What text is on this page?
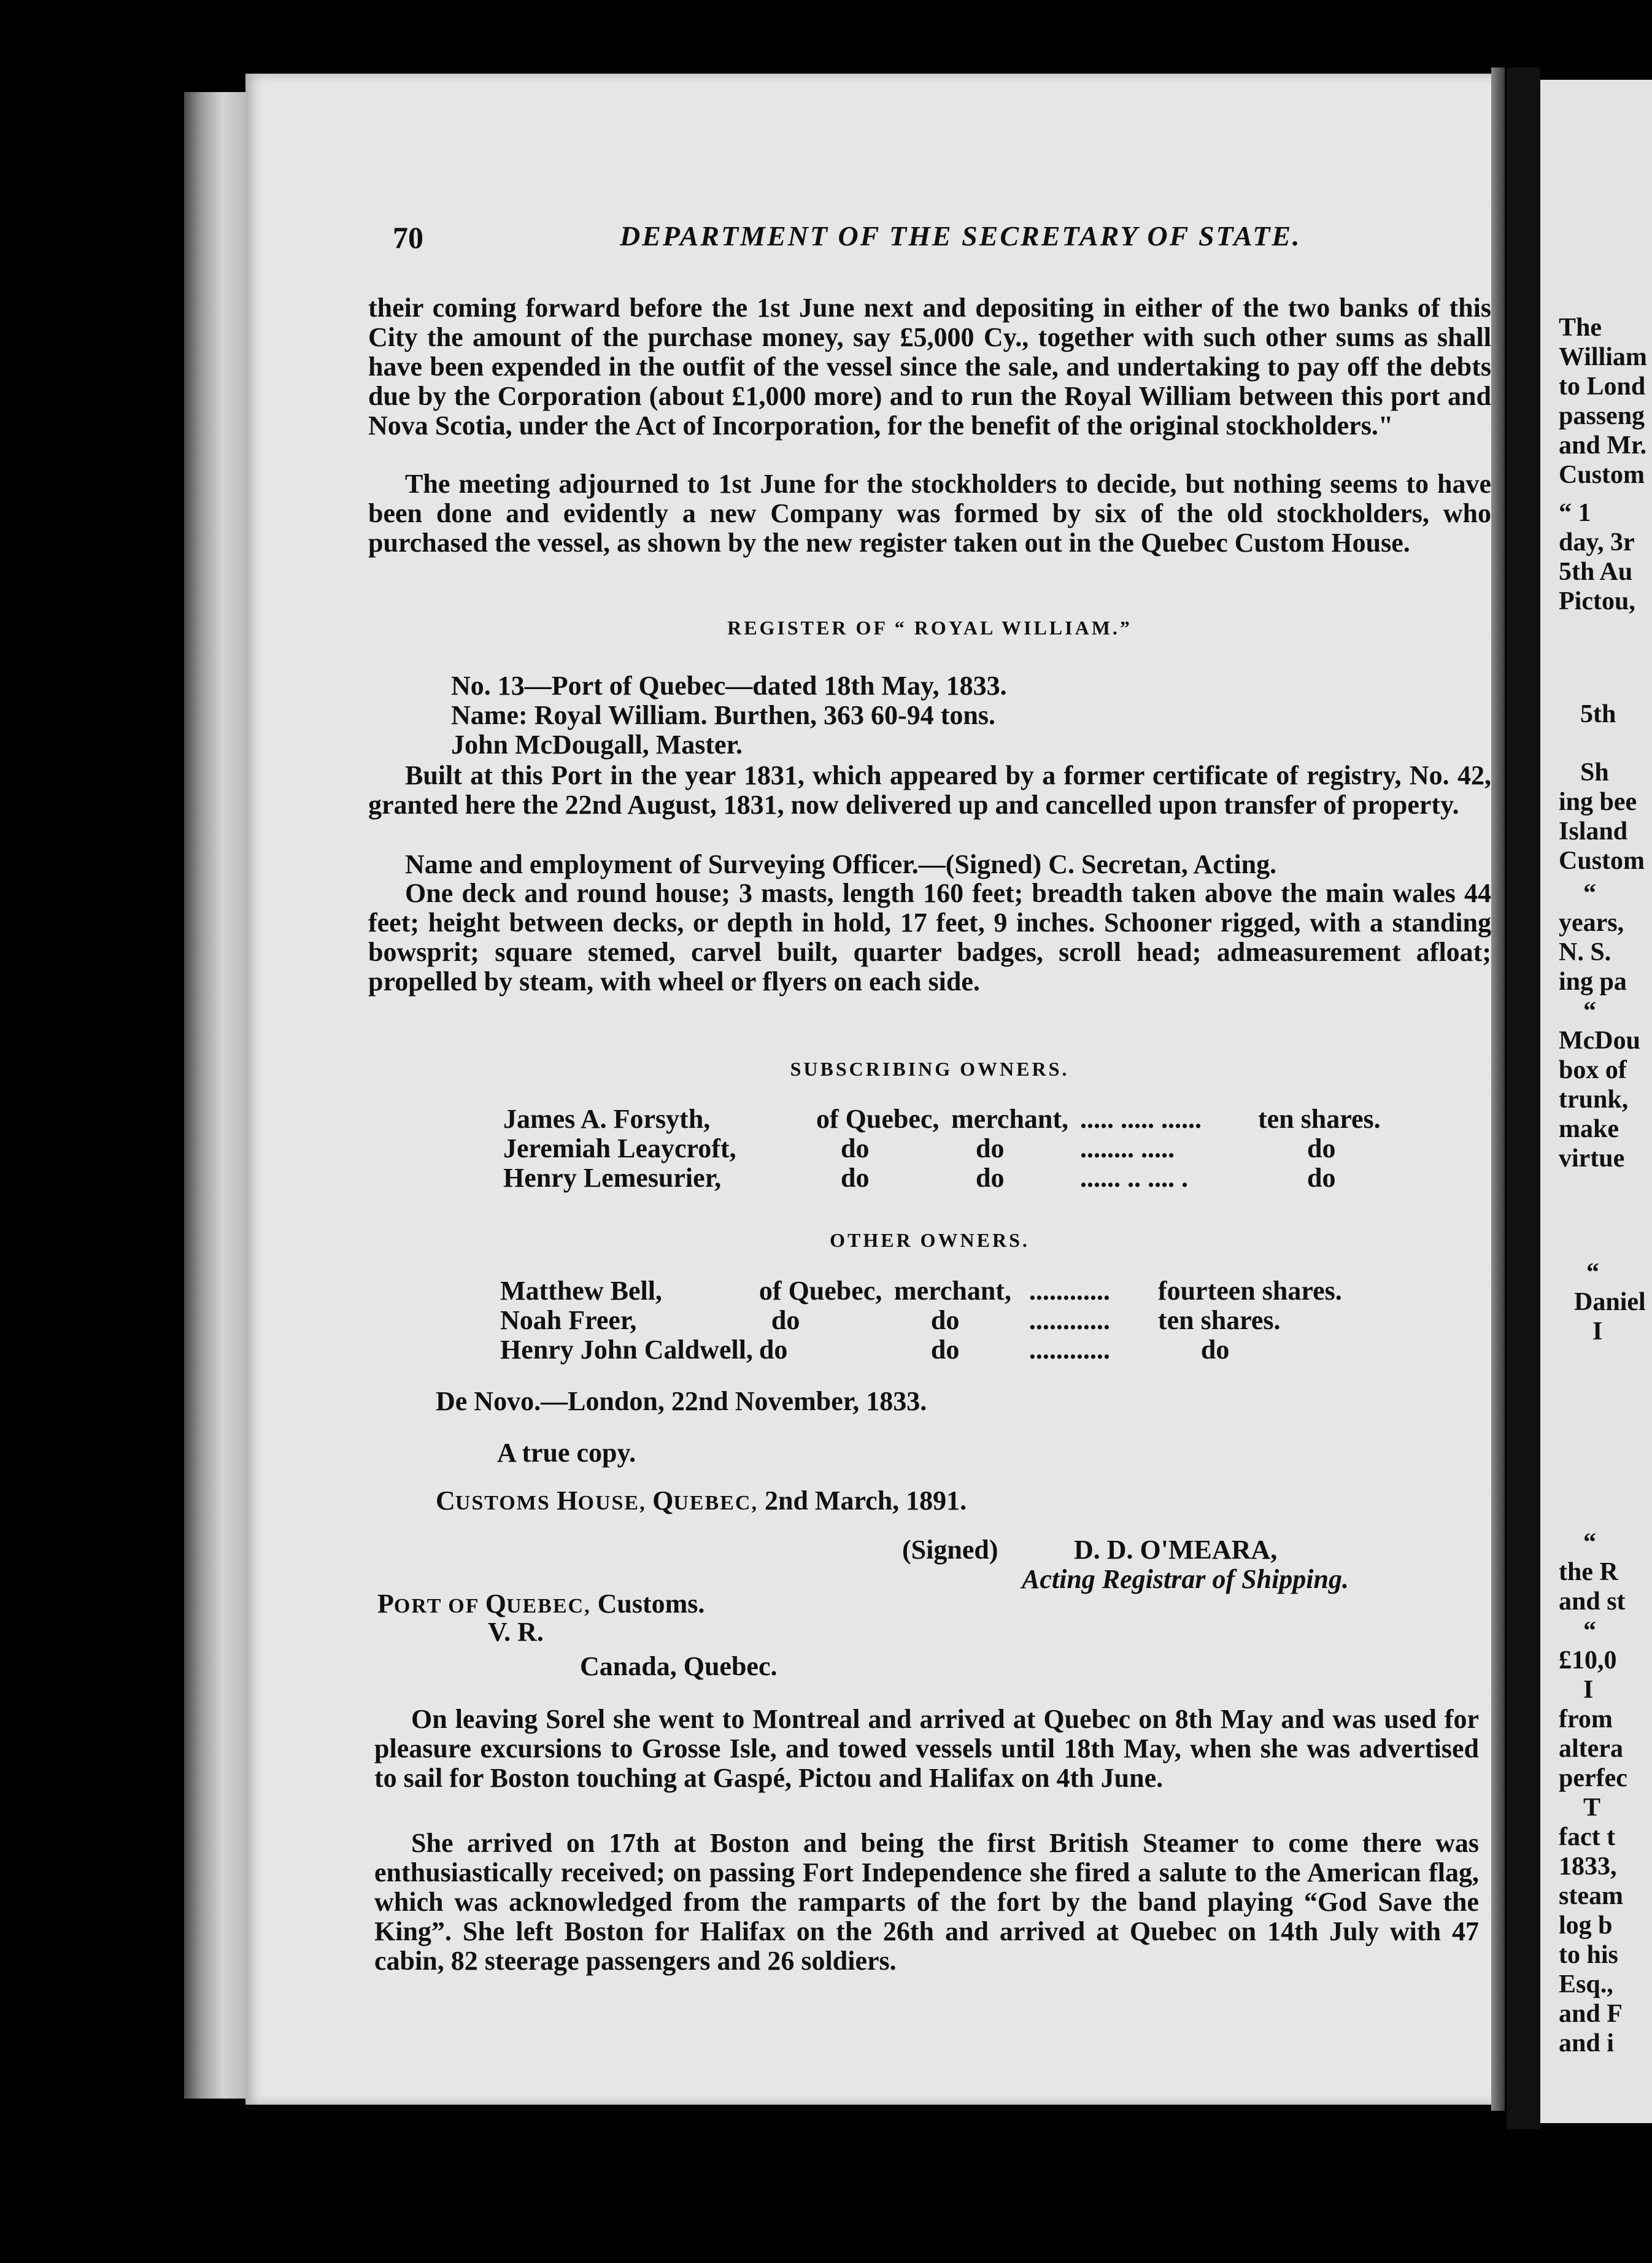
70	DEPARTMENT OF THE SECRETARY OF STATE.

their coming forward before the 1st June next and depositing in either of the two banks of this City the amount of the purchase money, say £5,000 Cy., together with such other sums as shall have been expended in the outfit of the vessel since the sale, and undertaking to pay off the debts due by the Corporation (about £1,000 more) and to run the Royal William between this port and Nova Scotia, under the Act of Incorporation, for the benefit of the original stockholders."

The meeting adjourned to 1st June for the stockholders to decide, but nothing seems to have been done and evidently a new Company was formed by six of the old stockholders, who purchased the vessel, as shown by the new register taken out in the Quebec Custom House.

REGISTER OF “ ROYAL WILLIAM.”
No. 13—Port of Quebec—dated 18th May, 1833.
Name: Royal William. Burthen, 363 60-94 tons.
John McDougall, Master.

Built at this Port in the year 1831, which appeared by a former certificate of registry, No. 42, granted here the 22nd August, 1831, now delivered up and cancelled upon transfer of property.

Name and employment of Surveying Officer.—(Signed) C. Secretan, Acting.

One deck and round house; 3 masts, length 160 feet; breadth taken above the main wales 44 feet; height between decks, or depth in hold, 17 feet, 9 inches. Schooner rigged, with a standing bowsprit; square stemed, carvel built, quarter badges, scroll head; admeasurement afloat; propelled by steam, with wheel or flyers on each side.

SUBSCRIBING OWNERS.
James A. Forsyth,	of Quebec,	merchant,	..... ..... ......	ten shares.
Jeremiah Leaycroft,	do	do	........ .....	do
Henry Lemesurier,	do	do	...... .. .... .	do
OTHER OWNERS.
Matthew Bell,	of Quebec,	merchant,	............	fourteen shares.
Noah Freer,	do	do	............	ten shares.
Henry John Caldwell,	do	do	............	do
De Novo.—London, 22nd November, 1833.
A true copy.
CUSTOMS HOUSE, QUEBEC, 2nd March, 1891.
(Signed)	D. D. O'MEARA,
Acting Registrar of Shipping.
PORT OF QUEBEC, Customs.
V. R.
Canada, Quebec.

On leaving Sorel she went to Montreal and arrived at Quebec on 8th May and was used for pleasure excursions to Grosse Isle, and towed vessels until 18th May, when she was advertised to sail for Boston touching at Gaspé, Pictou and Halifax on 4th June.

She arrived on 17th at Boston and being the first British Steamer to come there was enthusiastically received; on passing Fort Independence she fired a salute to the American flag, which was acknowledged from the ramparts of the fort by the band playing “God Save the King”. She left Boston for Halifax on the 26th and arrived at Quebec on 14th July with 47 cabin, 82 steerage passengers and 26 soldiers.

The
William
to Lond
passeng
and Mr.
Custom
“ 1
day, 3r
5th Au
Pictou,
5th
Sh
ing bee
Island
Custom
“
years,
N. S.
ing pa
“
McDou
box of
trunk,
make
virtue
“
Daniel
I
“
the R
and st
“
£10,0
I
from
altera
perfec
T
fact t
1833,
steam
log b
to his
Esq.,
and F
and i
